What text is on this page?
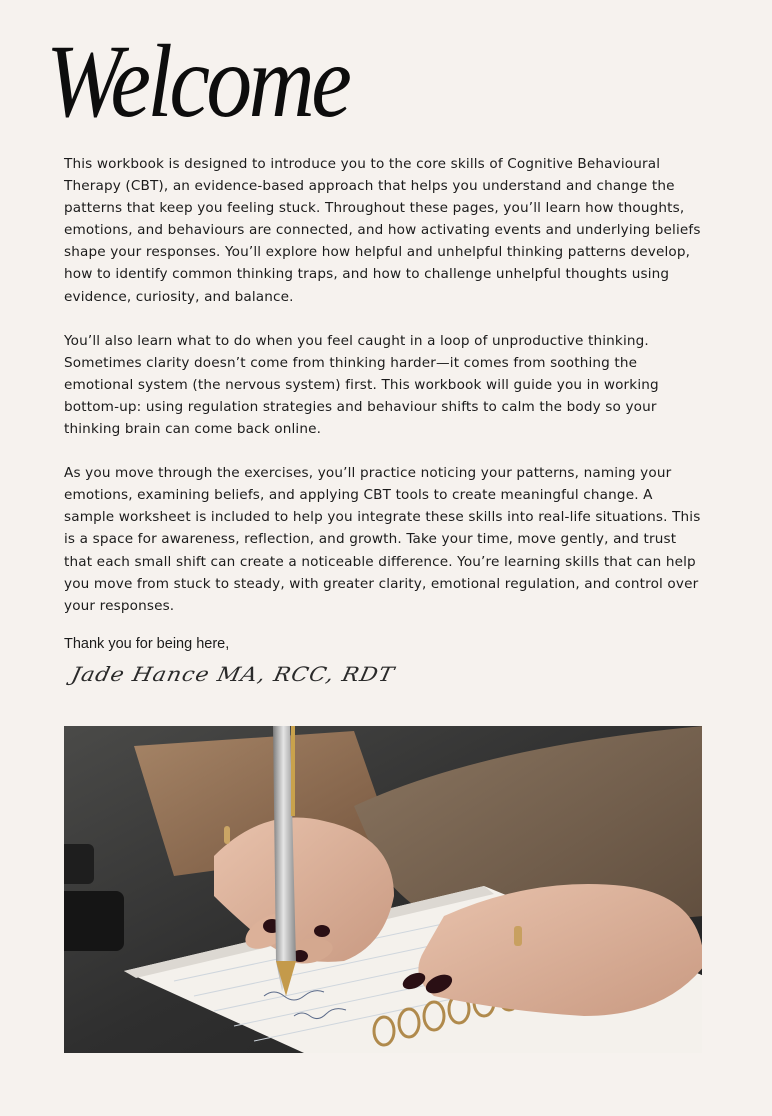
Welcome

This workbook is designed to introduce you to the core skills of Cognitive Behavioural Therapy (CBT), an evidence-based approach that helps you understand and change the patterns that keep you feeling stuck. Throughout these pages, you’ll learn how thoughts, emotions, and behaviours are connected, and how activating events and underlying beliefs shape your responses. You’ll explore how helpful and unhelpful thinking patterns develop, how to identify common thinking traps, and how to challenge unhelpful thoughts using evidence, curiosity, and balance.

You’ll also learn what to do when you feel caught in a loop of unproductive thinking. Sometimes clarity doesn’t come from thinking harder—it comes from soothing the emotional system (the nervous system) first. This workbook will guide you in working bottom-up: using regulation strategies and behaviour shifts to calm the body so your thinking brain can come back online.

As you move through the exercises, you’ll practice noticing your patterns, naming your emotions, examining beliefs, and applying CBT tools to create meaningful change. A sample worksheet is included to help you integrate these skills into real-life situations. This is a space for awareness, reflection, and growth. Take your time, move gently, and trust that each small shift can create a noticeable difference. You’re learning skills that can help you move from stuck to steady, with greater clarity, emotional regulation, and control over your responses.

Thank you for being here,

Jade Hance MA, RCC, RDT
